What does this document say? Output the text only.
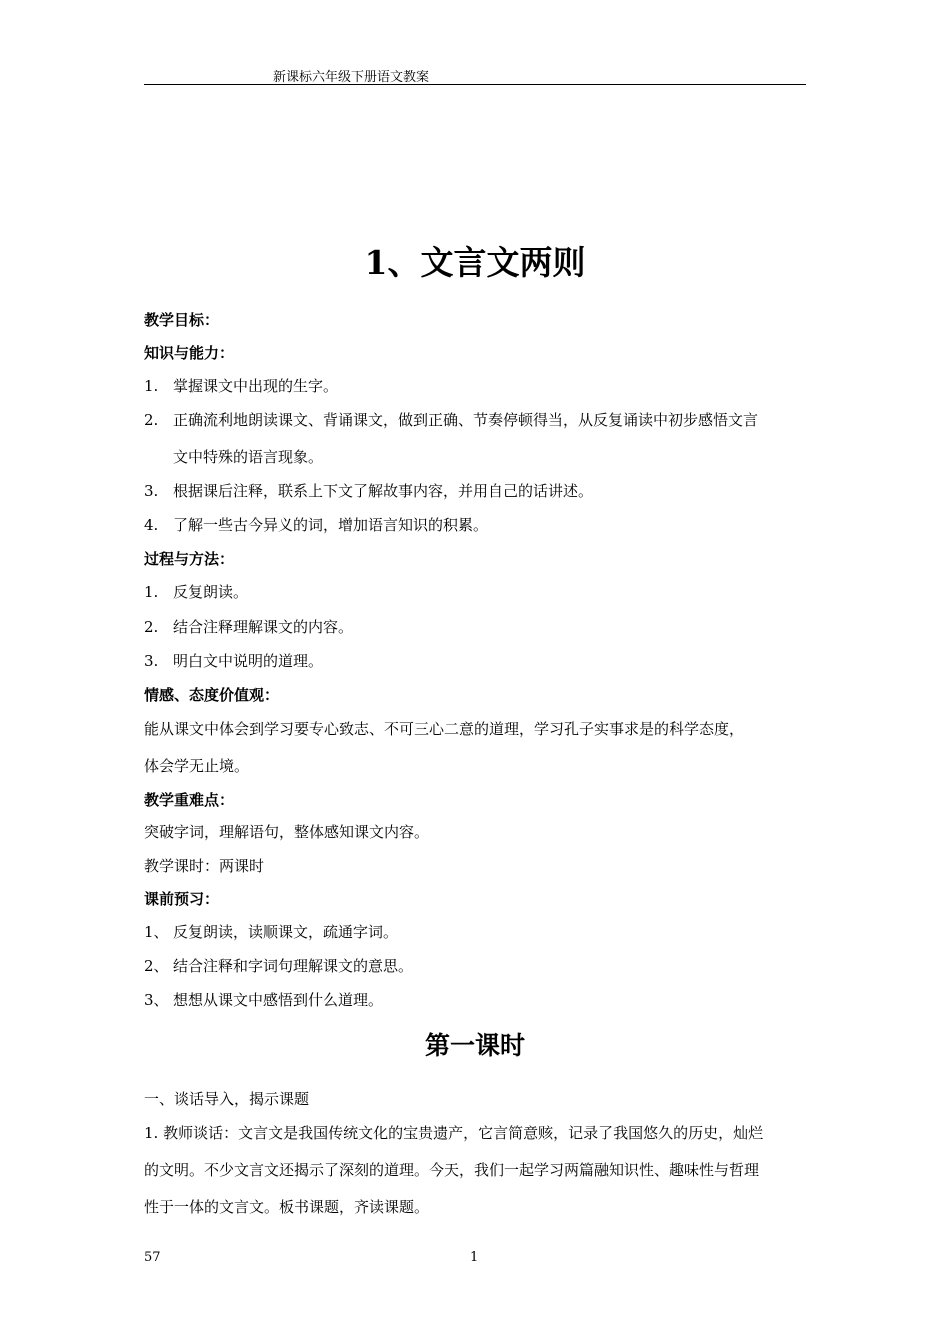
新课标六年级下册语文教案
1、文言文两则
教学目标：
知识与能力：
1. 掌握课文中出现的生字。
2. 正确流利地朗读课文、背诵课文，做到正确、节奏停顿得当，从反复诵读中初步感悟文言
文中特殊的语言现象。
3. 根据课后注释，联系上下文了解故事内容，并用自己的话讲述。
4. 了解一些古今异义的词，增加语言知识的积累。
过程与方法：
1. 反复朗读。
2. 结合注释理解课文的内容。
3. 明白文中说明的道理。
情感、态度价值观：
能从课文中体会到学习要专心致志、不可三心二意的道理，学习孔子实事求是的科学态度，
体会学无止境。
教学重难点：
突破字词，理解语句，整体感知课文内容。
教学课时：两课时
课前预习：
1、 反复朗读，读顺课文，疏通字词。
2、 结合注释和字词句理解课文的意思。
3、 想想从课文中感悟到什么道理。
第一课时
一、谈话导入，揭示课题
1. 教师谈话：文言文是我国传统文化的宝贵遗产，它言简意赅，记录了我国悠久的历史，灿烂
的文明。不少文言文还揭示了深刻的道理。今天，我们一起学习两篇融知识性、趣味性与哲理
性于一体的文言文。板书课题，齐读课题。
57	1
